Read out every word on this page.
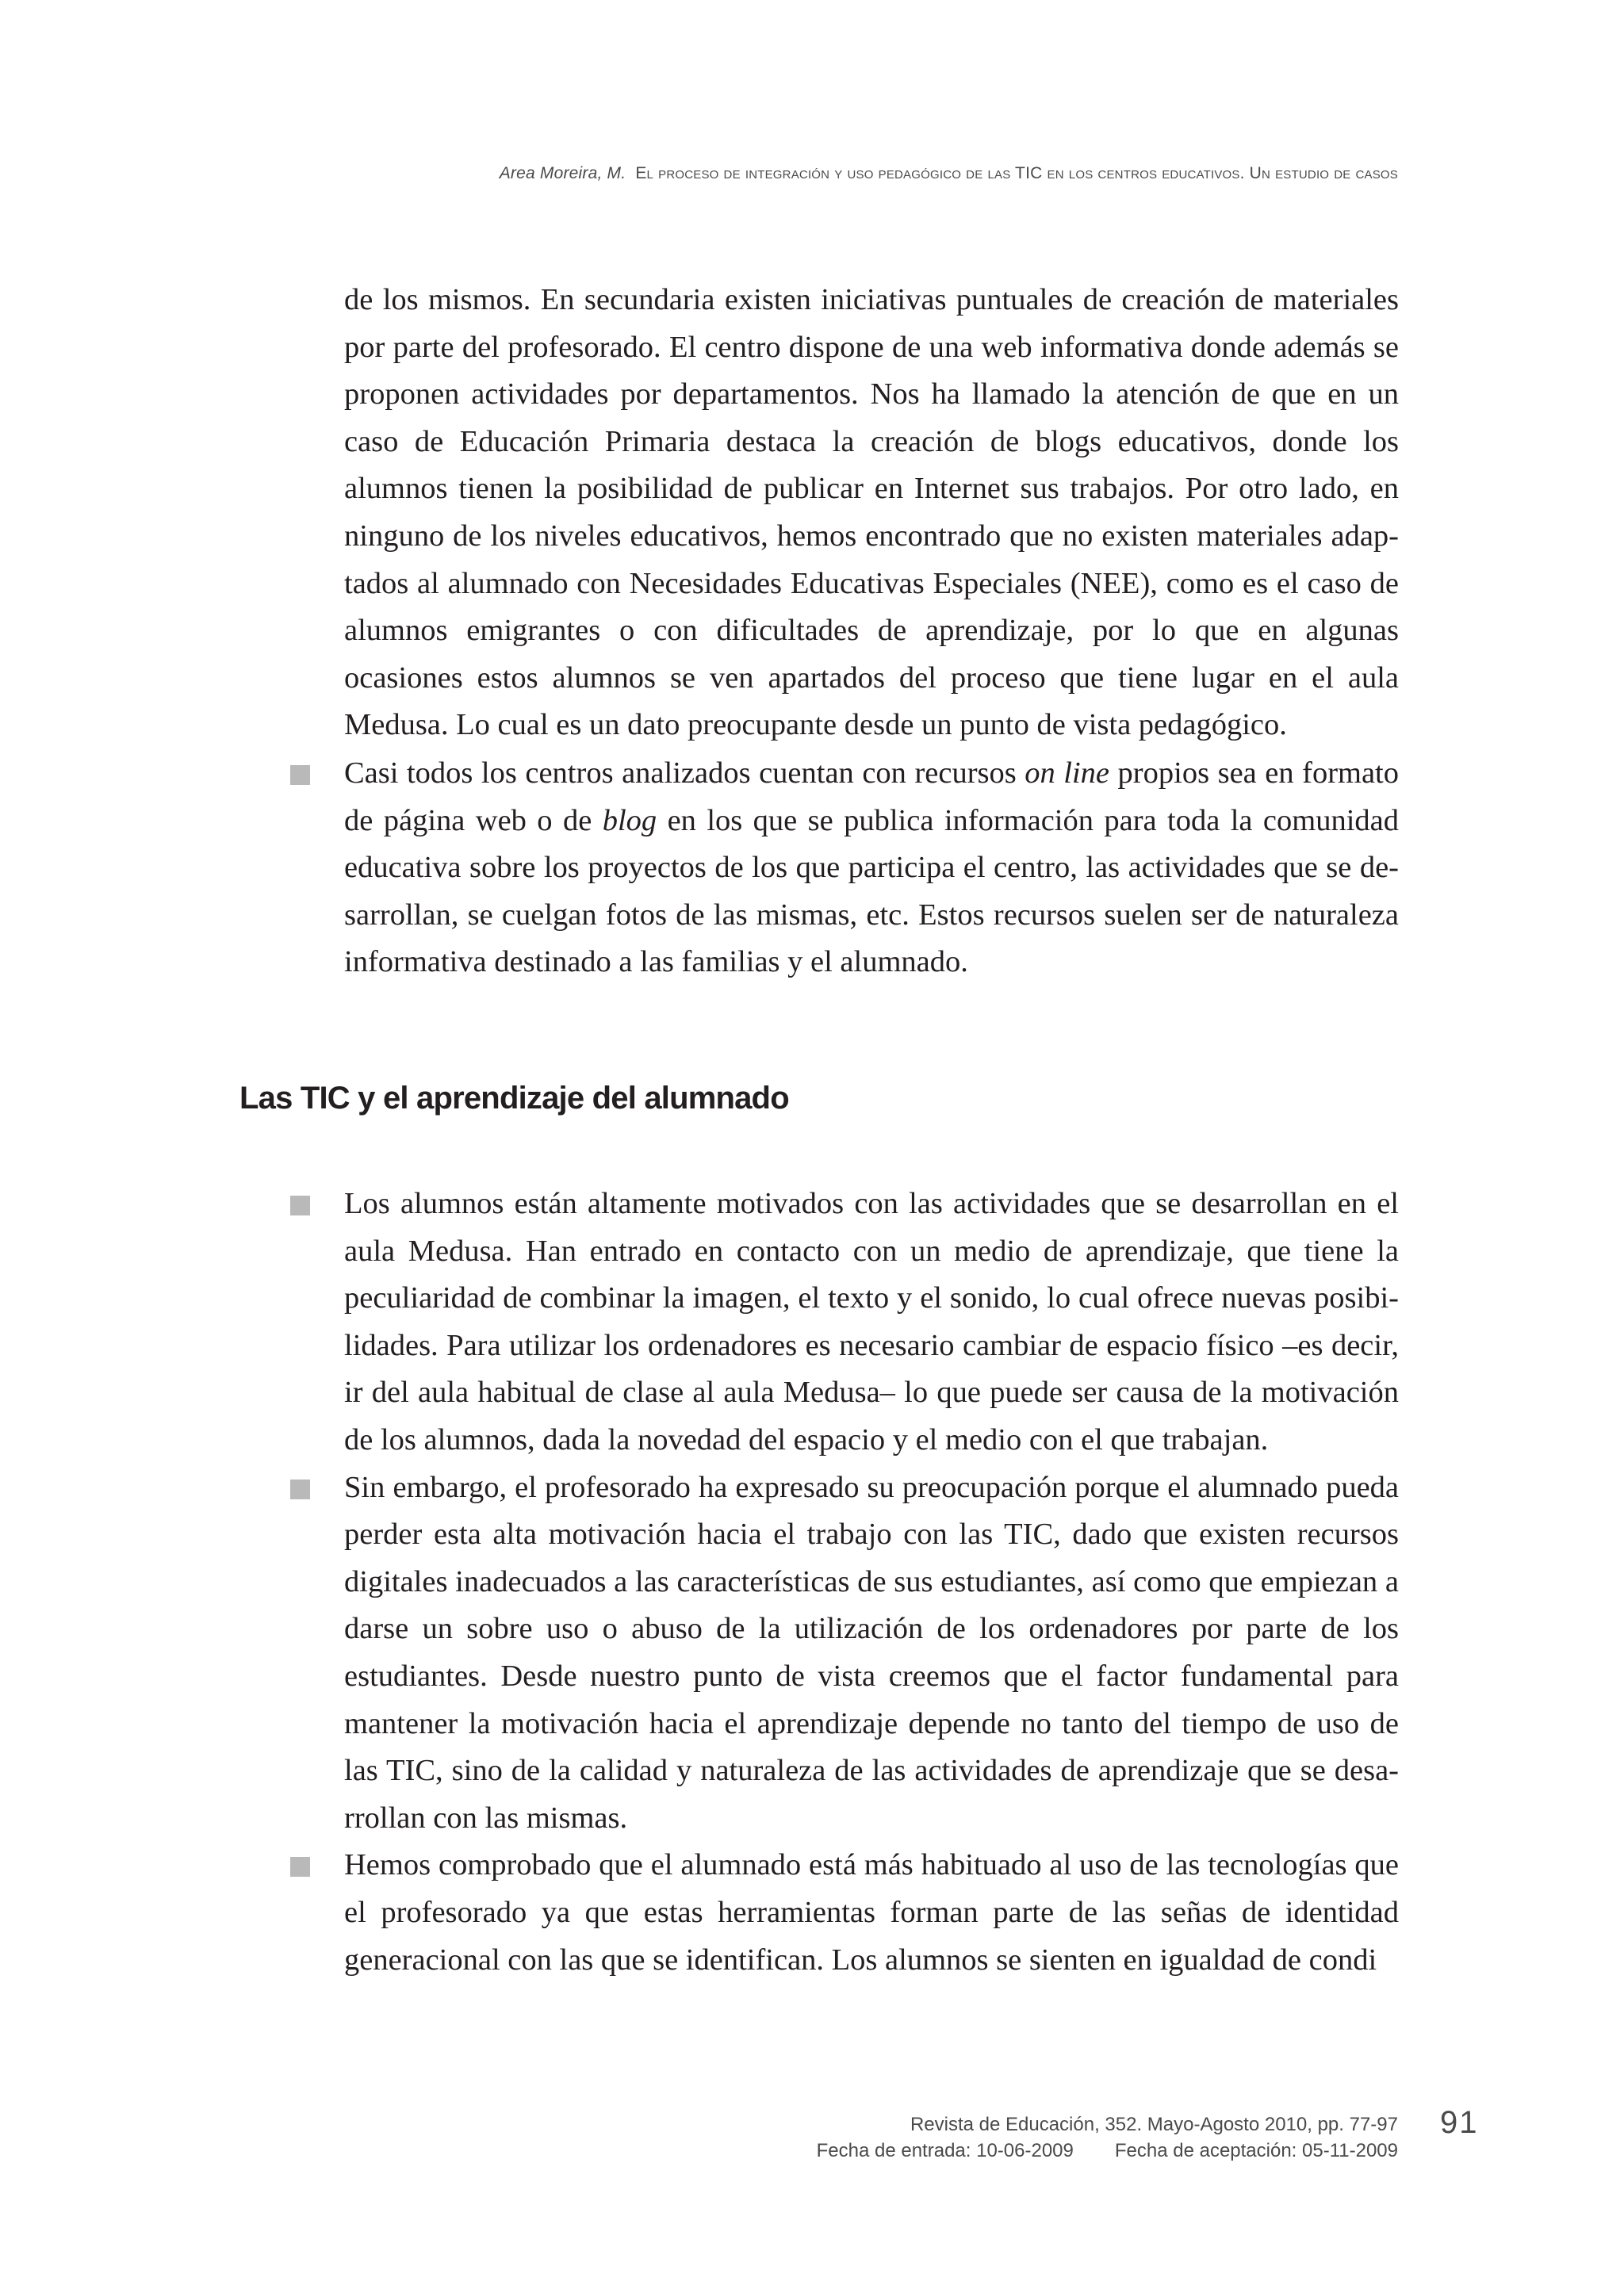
Area Moreira, M. El proceso de integración y uso pedagógico de las TIC en los centros educativos. Un estudio de casos

de los mismos. En secundaria existen iniciativas puntuales de creación de materiales por parte del profesorado. El centro dispone de una web informativa donde además se proponen actividades por departamentos. Nos ha llamado la atención de que en un caso de Educación Primaria destaca la creación de blogs educativos, donde los alumnos tienen la posibilidad de publicar en Internet sus trabajos. Por otro lado, en ninguno de los niveles educativos, hemos encontrado que no existen materiales adaptados al alumnado con Necesidades Educativas Especiales (NEE), como es el caso de alumnos emigrantes o con dificultades de aprendizaje, por lo que en algunas ocasiones estos alumnos se ven apartados del proceso que tiene lugar en el aula Medusa. Lo cual es un dato preocupante desde un punto de vista pedagógico.

Casi todos los centros analizados cuentan con recursos on line propios sea en formato de página web o de blog en los que se publica información para toda la comunidad educativa sobre los proyectos de los que participa el centro, las actividades que se desarrollan, se cuelgan fotos de las mismas, etc. Estos recursos suelen ser de naturaleza informativa destinado a las familias y el alumnado.
Las TIC y el aprendizaje del alumnado
Los alumnos están altamente motivados con las actividades que se desarrollan en el aula Medusa. Han entrado en contacto con un medio de aprendizaje, que tiene la peculiaridad de combinar la imagen, el texto y el sonido, lo cual ofrece nuevas posibilidades. Para utilizar los ordenadores es necesario cambiar de espacio físico –es decir, ir del aula habitual de clase al aula Medusa– lo que puede ser causa de la motivación de los alumnos, dada la novedad del espacio y el medio con el que trabajan.
Sin embargo, el profesorado ha expresado su preocupación porque el alumnado pueda perder esta alta motivación hacia el trabajo con las TIC, dado que existen recursos digitales inadecuados a las características de sus estudiantes, así como que empiezan a darse un sobre uso o abuso de la utilización de los ordenadores por parte de los estudiantes. Desde nuestro punto de vista creemos que el factor fundamental para mantener la motivación hacia el aprendizaje depende no tanto del tiempo de uso de las TIC, sino de la calidad y naturaleza de las actividades de aprendizaje que se desarrollan con las mismas.
Hemos comprobado que el alumnado está más habituado al uso de las tecnologías que el profesorado ya que estas herramientas forman parte de las señas de identidad generacional con las que se identifican. Los alumnos se sienten en igualdad de condi
Revista de Educación, 352. Mayo-Agosto 2010, pp. 77-97
Fecha de entrada: 10-06-2009 Fecha de aceptación: 05-11-2009
91
